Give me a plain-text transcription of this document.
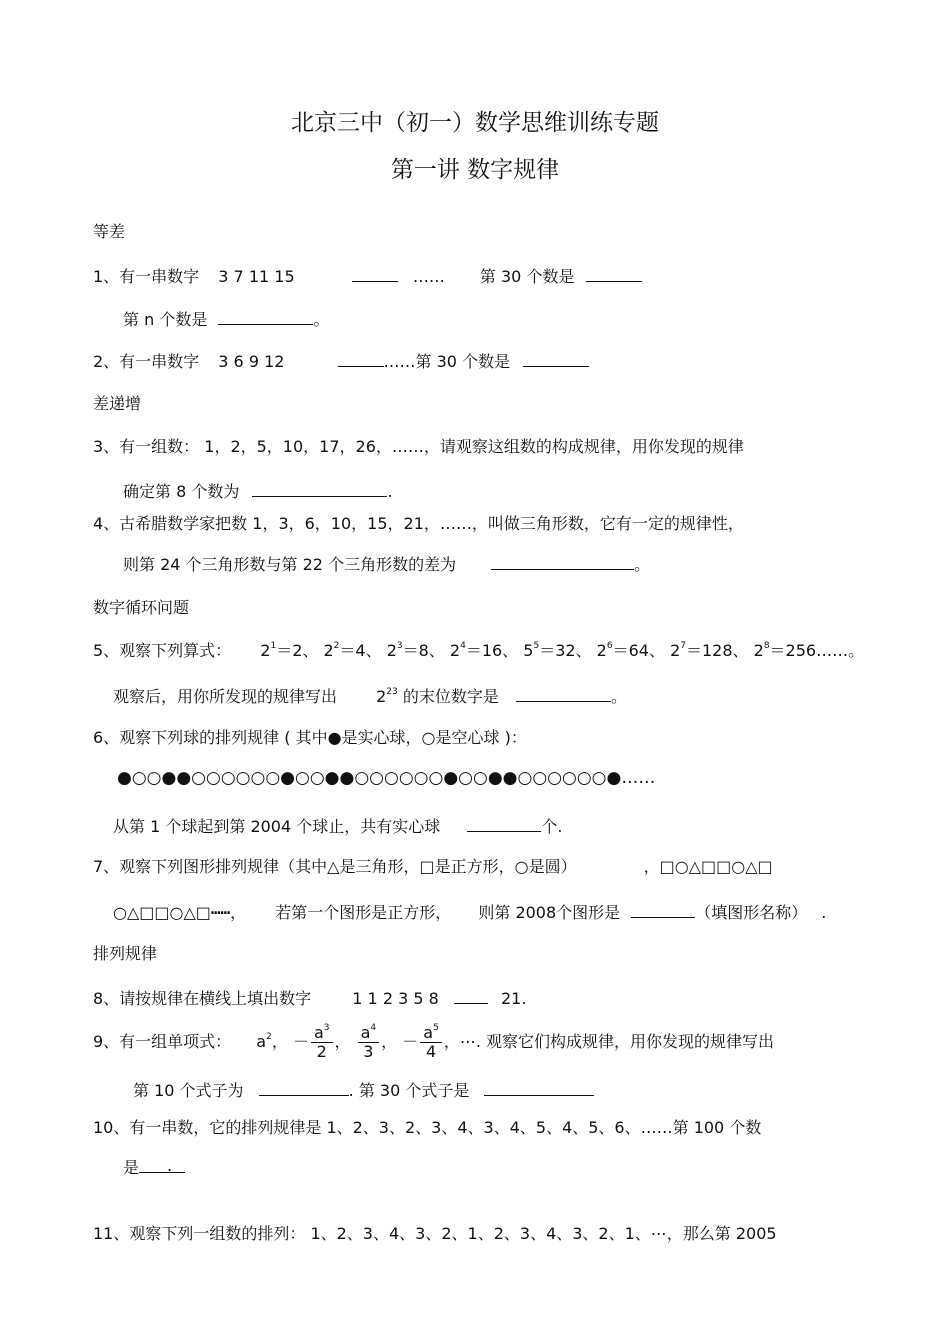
北京三中（初一）数学思维训练专题
第一讲 数字规律
等差
1、有一串数字 3 7 11 15	…… 第 30 个数是
第 n 个数是	。
2、有一串数字 3 6 9 12	……第 30 个数是
差递增
3、有一组数： 1，2，5，10，17，26，……，请观察这组数的构成规律，用你发现的规律
确定第 8 个数为	.
4、古希腊数学家把数 1，3，6，10，15，21，……，叫做三角形数，它有一定的规律性，
则第 24 个三角形数与第 22 个三角形数的差为	。
数字循环问题
5、观察下列算式： $2^1=2$、 $2^2=4$、 $2^3=8$、 $2^4=16$、 $5^5=32$、 $2^6=64$、 $2^7=128$、 $2^8=256\dots\dots$。
观察后，用你所发现的规律写出 $2^{23}$ 的末位数字是	。
6、观察下列球的排列规律 ( 其中●是实心球，○是空心球 )：
●○○●●○○○○○○●○○●●○○○○○○●○○●●○○○○○○●……
从第 1 个球起到第 2004 个球止，共有实心球	个.
7、观察下列图形排列规律（其中△是三角形，□是正方形，○是圆）	，□○△□□○△□
○△□□○△□┅┅， 若第一个图形是正方形， 则第 2008个图形是	（填图形名称） .
排列规律
8、请按规律在横线上填出数字	1 1 2 3 5 8	21.
9、有一组单项式： $a^2$， － $\frac{a^3}{2}$ ， $\frac{a^4}{3}$ ， － $\frac{a^5}{4}$ ，⋯. 观察它们构成规律，用你发现的规律写出
第 10 个式子为	. 第 30 个式子是
10、有一串数，它的排列规律是 1、2、3、2、3、4、3、4、5、4、5、6、……第 100 个数
是 .
11、观察下列一组数的排列： 1、2、3、4、3、2、1、2、3、4、3、2、1、⋯，那么第 2005
